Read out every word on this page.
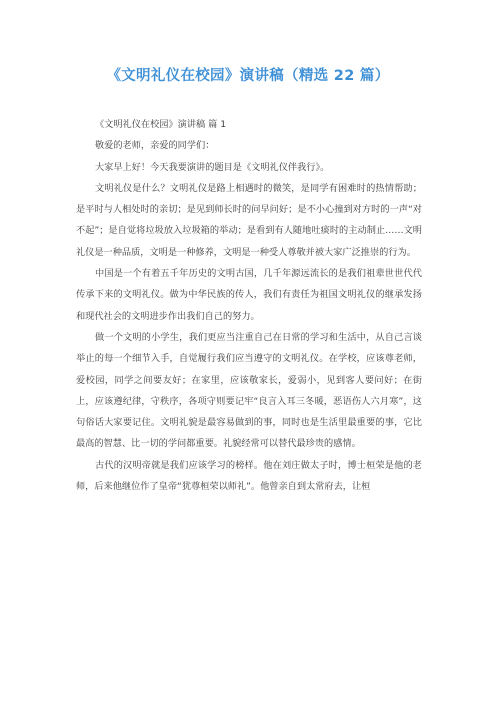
《文明礼仪在校园》演讲稿（精选 22 篇）

《文明礼仪在校园》演讲稿 篇 1

敬爱的老师，亲爱的同学们：

大家早上好！今天我要演讲的题目是《文明礼仪伴我行》。

文明礼仪是什么？文明礼仪是路上相遇时的微笑，是同学有困难时的热情帮助；是平时与人相处时的亲切；是见到师长时的问早问好；是不小心撞到对方时的一声“对不起”；是自觉将垃圾放入垃圾箱的举动；是看到有人随地吐痰时的主动制止……文明礼仪是一种品质，文明是一种修养，文明是一种受人尊敬并被大家广泛推崇的行为。

中国是一个有着五千年历史的文明古国，几千年源远流长的是我们祖辈世世代代传承下来的文明礼仪。做为中华民族的传人，我们有责任为祖国文明礼仪的继承发扬和现代社会的文明进步作出我们自己的努力。

做一个文明的小学生，我们更应当注重自己在日常的学习和生活中，从自己言谈举止的每一个细节入手，自觉履行我们应当遵守的文明礼仪。在学校，应该尊老师，爱校园，同学之间要友好；在家里，应该敬家长，爱弱小，见到客人要问好；在街上，应该遵纪律，守秩序，各项守则要记牢“良言入耳三冬暖，恶语伤人六月寒”，这句俗话大家要记住。文明礼貌是最容易做到的事，同时也是生活里最重要的事，它比最高的智慧、比一切的学问都重要。礼貌经常可以替代最珍贵的感情。

古代的汉明帝就是我们应该学习的榜样。他在刘庄做太子时，博士桓荣是他的老师，后来他继位作了皇帝“犹尊桓荣以师礼”。他曾亲自到太常府去，让桓
